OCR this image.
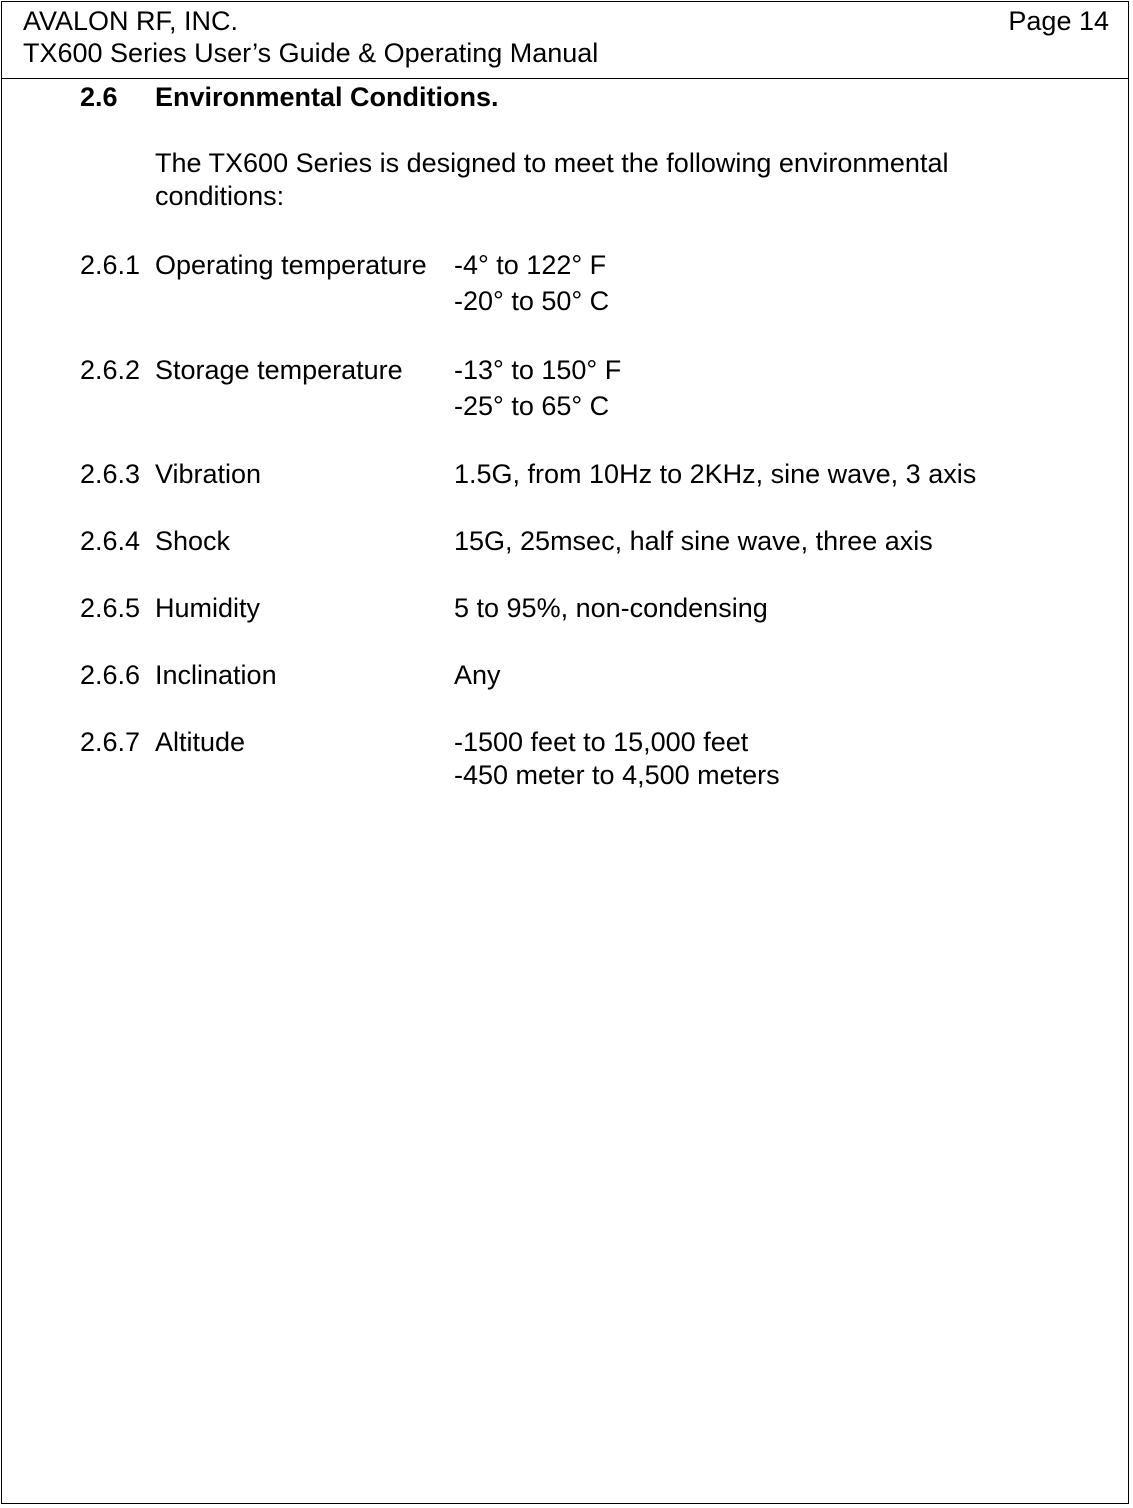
AVALON RF, INC.	Page 14
TX600 Series User’s Guide & Operating Manual
2.6 Environmental Conditions.
The TX600 Series is designed to meet the following environmental
conditions:
2.6.1 Operating temperature -4° to 122° F
-20° to 50° C
2.6.2 Storage temperature -13° to 150° F
-25° to 65° C
2.6.3 Vibration	1.5G, from 10Hz to 2KHz, sine wave, 3 axis
2.6.4 Shock	15G, 25msec, half sine wave, three axis
2.6.5 Humidity	5 to 95%, non-condensing
2.6.6 Inclination	Any
2.6.7 Altitude	-1500 feet to 15,000 feet
-450 meter to 4,500 meters
